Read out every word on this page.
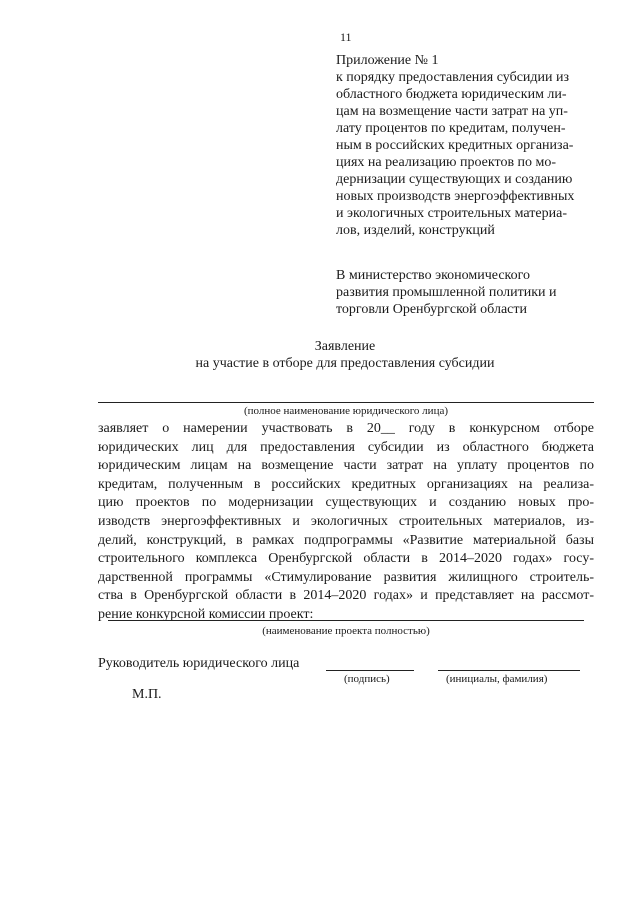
11
Приложение № 1
к порядку предоставления субсидии из
областного бюджета юридическим ли-
цам на возмещение части затрат на уп-
лату процентов по кредитам, получен-
ным в российских кредитных организа-
циях на реализацию проектов по мо-
дернизации существующих и созданию
новых производств энергоэффективных
и экологичных строительных материа-
лов, изделий, конструкций
В министерство экономического
развития промышленной политики и
торговли Оренбургской области
Заявление
на участие в отборе для предоставления субсидии
(полное наименование юридического лица)
заявляет о намерении участвовать в 20__ году в конкурсном отборе
юридических лиц для предоставления субсидии из областного бюджета
юридическим лицам на возмещение части затрат на уплату процентов по
кредитам, полученным в российских кредитных организациях на реализа-
цию проектов по модернизации существующих и созданию новых про-
изводств энергоэффективных и экологичных строительных материалов, из-
делий, конструкций, в рамках подпрограммы «Развитие материальной базы
строительного комплекса Оренбургской области в 2014–2020 годах» госу-
дарственной программы «Стимулирование развития жилищного строитель-
ства в Оренбургской области в 2014–2020 годах» и представляет на рассмот-
рение конкурсной комиссии проект:
(наименование проекта полностью)
Руководитель юридического лица
(подпись)	(инициалы, фамилия)
М.П.
